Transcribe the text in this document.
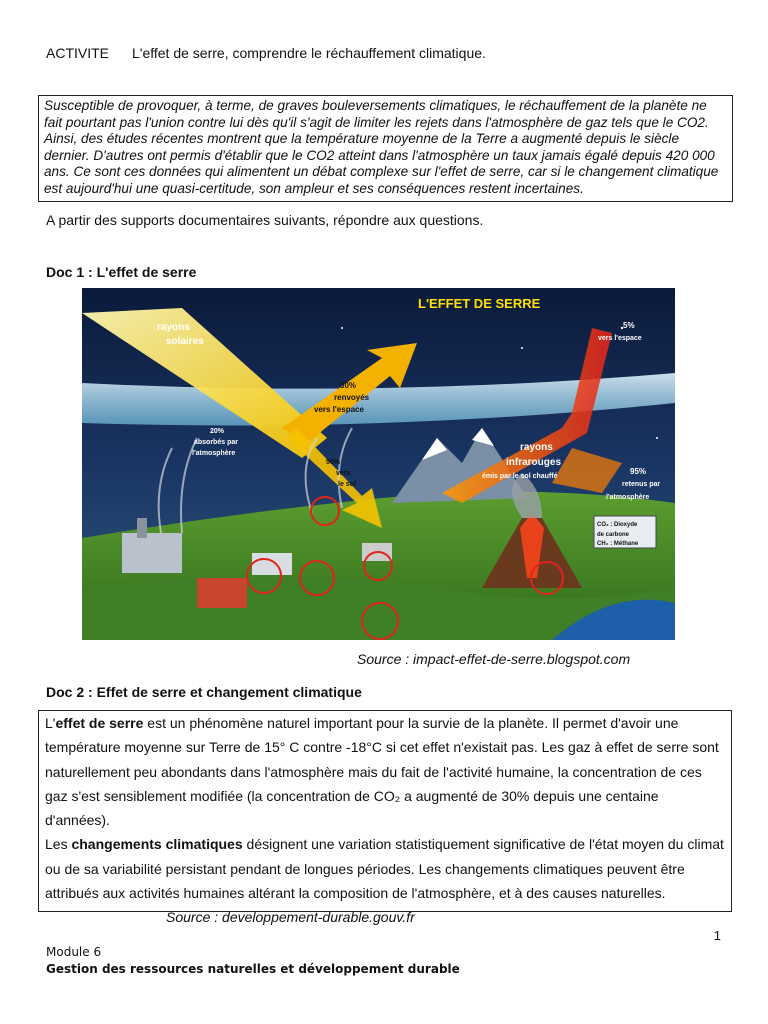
ACTIVITE L'effet de serre, comprendre le réchauffement climatique.
Susceptible de provoquer, à terme, de graves bouleversements climatiques, le réchauffement de la planète ne fait pourtant pas l'union contre lui dès qu'il s'agit de limiter les rejets dans l'atmosphère de gaz tels que le CO2. Ainsi, des études récentes montrent que la température moyenne de la Terre a augmenté depuis le siècle dernier. D'autres ont permis d'établir que le CO2 atteint dans l'atmosphère un taux jamais égalé depuis 420 000 ans. Ce sont ces données qui alimentent un débat complexe sur l'effet de serre, car si le changement climatique est aujourd'hui une quasi-certitude, son ampleur et ses conséquences restent incertaines.
A partir des supports documentaires suivants, répondre aux questions.
Doc 1 : L'effet de serre
L'EFFET DE SERRE
rayons
solaires
30%
renvoyés
vers l'espace
20%
absorbés par
l'atmosphère
50%
vers
le sol
5%
vers l'espace
rayons
infrarouges
émis par le sol chauffé
95%
retenus par
l'atmosphère
CO₂ : Dioxyde
de carbone
CH₄ : Méthane
Source : impact-effet-de-serre.blogspot.com
Doc 2 : Effet de serre et changement climatique

L'effet de serre est un phénomène naturel important pour la survie de la planète. Il permet d'avoir une température moyenne sur Terre de 15° C contre -18°C si cet effet n'existait pas. Les gaz à effet de serre sont naturellement peu abondants dans l'atmosphère mais du fait de l'activité humaine, la concentration de ces gaz s'est sensiblement modifiée (la concentration de CO₂ a augmenté de 30% depuis une centaine d'années).

Les changements climatiques désignent une variation statistiquement significative de l'état moyen du climat ou de sa variabilité persistant pendant de longues périodes. Les changements climatiques peuvent être attribués aux activités humaines altérant la composition de l'atmosphère, et à des causes naturelles.

Source : developpement-durable.gouv.fr

1
Module 6
Gestion des ressources naturelles et développement durable
